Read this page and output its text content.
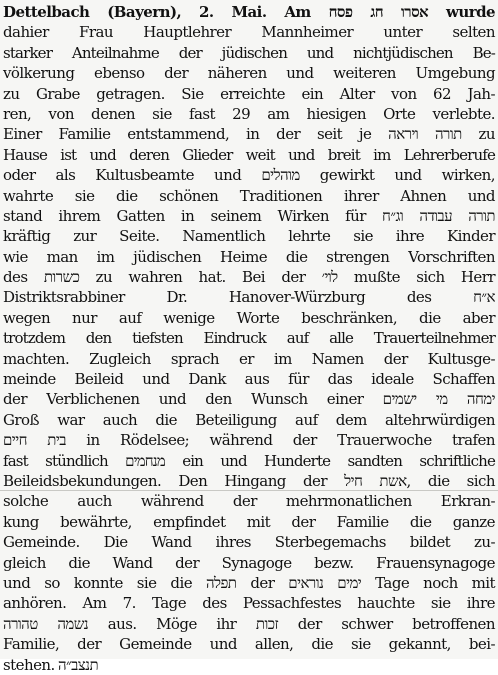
Dettelbach (Bayern), 2. Mai. Am אסרו חג פסח wurde
dahier Frau Hauptlehrer Mannheimer unter selten
starker Anteilnahme der jüdischen und nichtjüdischen Be-
völkerung ebenso der näheren und weiteren Umgebung
zu Grabe getragen. Sie erreichte ein Alter von 62 Jah-
ren, von denen sie fast 29 am hiesigen Orte verlebte.
Einer Familie entstammend, in der seit je תורה ויראה zu
Hause ist und deren Glieder weit und breit im Lehrerberufe
oder als Kultusbeamte und מוהלים gewirkt und wirken,
wahrte sie die schönen Traditionen ihrer Ahnen und
stand ihrem Gatten in seinem Wirken für תורה עבודה וג״ח
kräftig zur Seite. Namentlich lehrte sie ihre Kinder
wie man im jüdischen Heime die strengen Vorschriften
des כשרות zu wahren hat. Bei der לוי׳ mußte sich Herr
Distriktsrabbiner Dr. Hanover-Würzburg des א״ח
wegen nur auf wenige Worte beschränken, die aber
trotzdem den tiefsten Eindruck auf alle Trauerteilnehmer
machten. Zugleich sprach er im Namen der Kultusge-
meinde Beileid und Dank aus für das ideale Schaffen
der Verblichenen und den Wunsch einer ימחה מי ישמים
Groß war auch die Beteiligung auf dem altehrwürdigen
בית חיים in Rödelsee; während der Trauerwoche trafen
fast stündlich מנחמים ein und Hunderte sandten schriftliche
Beileidsbekundungen. Den Hingang der אשת חיל, die sich
solche auch während der mehrmonatlichen Erkran-
kung bewährte, empfindet mit der Familie die ganze
Gemeinde. Die Wand ihres Sterbegemachs bildet zu-
gleich die Wand der Synagoge bezw. Frauensynagoge
und so konnte sie die תפלה der ימים נוראים Tage noch mit
anhören. Am 7. Tage des Pessachfestes hauchte sie ihre
נשמה טהורה aus. Möge ihr זכות der schwer betroffenen
Familie, der Gemeinde und allen, die sie gekannt, bei-
stehen. תנצב״ה
